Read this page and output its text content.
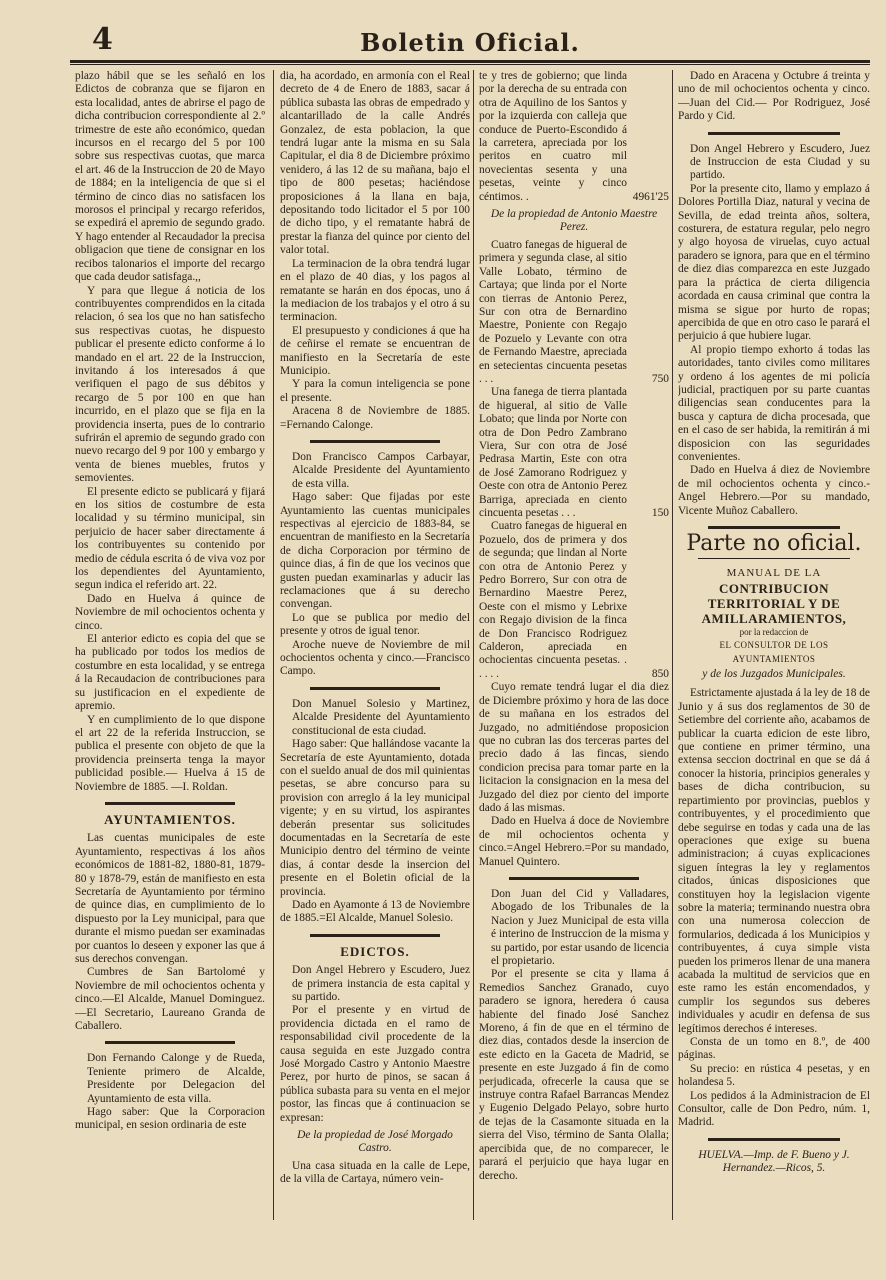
4	Boletin Oficial.

plazo hábil que se les señaló en los Edictos de cobranza que se fijaron en esta localidad, antes de abrirse el pago de dicha contribucion correspondiente al 2.º trimestre de este año económico, quedan incursos en el recargo del 5 por 100 sobre sus respectivas cuotas, que marca el art. 46 de la Instruccion de 20 de Mayo de 1884; en la inteligencia de que si el término de cinco dias no satisfacen los morosos el principal y recargo referidos, se expedirá el apremio de segundo grado. Y hago entender al Recaudador la precisa obligacion que tiene de consignar en los recibos talonarios el importe del recargo que cada deudor satisfaga.,,

Y para que llegue á noticia de los contribuyentes comprendidos en la citada relacion, ó sea los que no han satisfecho sus respectivas cuotas, he dispuesto publicar el presente edicto conforme á lo mandado en el art. 22 de la Instruccion, invitando á los interesados á que verifiquen el pago de sus débitos y recargo de 5 por 100 en que han incurrido, en el plazo que se fija en la providencia inserta, pues de lo contrario sufrirán el apremio de segundo grado con nuevo recargo del 9 por 100 y embargo y venta de bienes muebles, frutos y semovientes.

El presente edicto se publicará y fijará en los sitios de costumbre de esta localidad y su término municipal, sin perjuicio de hacer saber directamente á los contribuyentes su contenido por medio de cédula escrita ó de viva voz por los dependientes del Ayuntamiento, segun indica el referido art. 22.

Dado en Huelva á quince de Noviembre de mil ochocientos ochenta y cinco.

El anterior edicto es copia del que se ha publicado por todos los medios de costumbre en esta localidad, y se entrega á la Recaudacion de contribuciones para su justificacion en el expediente de apremio.

Y en cumplimiento de lo que dispone el art 22 de la referida Instruccion, se publica el presente con objeto de que la providencia preinserta tenga la mayor publicidad posible.— Huelva á 15 de Noviembre de 1885. —I. Roldan.

AYUNTAMIENTOS.

Las cuentas municipales de este Ayuntamiento, respectivas á los años económicos de 1881-82, 1880-81, 1879-80 y 1878-79, están de manifiesto en esta Secretaría de Ayuntamiento por término de quince dias, en cumplimiento de lo dispuesto por la Ley municipal, para que durante el mismo puedan ser examinadas por cuantos lo deseen y exponer las que á sus derechos convengan.

Cumbres de San Bartolomé y Noviembre de mil ochocientos ochenta y cinco.—El Alcalde, Manuel Dominguez.—El Secretario, Laureano Granda de Caballero.

Don Fernando Calonge y de Rueda, Teniente primero de Alcalde, Presidente por Delegacion del Ayuntamiento de esta villa.

Hago saber: Que la Corporacion municipal, en sesion ordinaria de este

dia, ha acordado, en armonía con el Real decreto de 4 de Enero de 1883, sacar á pública subasta las obras de empedrado y alcantarillado de la calle Andrés Gonzalez, de esta poblacion, la que tendrá lugar ante la misma en su Sala Capitular, el dia 8 de Diciembre próximo venidero, á las 12 de su mañana, bajo el tipo de 800 pesetas; haciéndose proposiciones á la llana en baja, depositando todo licitador el 5 por 100 de dicho tipo, y el rematante habrá de prestar la fianza del quince por ciento del valor total.

La terminacion de la obra tendrá lugar en el plazo de 40 dias, y los pagos al rematante se harán en dos épocas, uno á la mediacion de los trabajos y el otro á su terminacion.

El presupuesto y condiciones á que ha de ceñirse el remate se encuentran de manifiesto en la Secretaría de este Municipio.

Y para la comun inteligencia se pone el presente.

Aracena 8 de Noviembre de 1885. =Fernando Calonge.

Don Francisco Campos Carbayar, Alcalde Presidente del Ayuntamiento de esta villa.

Hago saber: Que fijadas por este Ayuntamiento las cuentas municipales respectivas al ejercicio de 1883-84, se encuentran de manifiesto en la Secretaría de dicha Corporacion por término de quince dias, á fin de que los vecinos que gusten puedan examinarlas y aducir las reclamaciones que á su derecho convengan.

Lo que se publica por medio del presente y otros de igual tenor.

Aroche nueve de Noviembre de mil ochocientos ochenta y cinco.—Francisco Campo.

Don Manuel Solesio y Martinez, Alcalde Presidente del Ayuntamiento constitucional de esta ciudad.

Hago saber: Que hallándose vacante la Secretaría de este Ayuntamiento, dotada con el sueldo anual de dos mil quinientas pesetas, se abre concurso para su provision con arreglo á la ley municipal vigente; y en su virtud, los aspirantes deberán presentar sus solicitudes documentadas en la Secretaría de este Municipio dentro del término de veinte dias, á contar desde la insercion del presente en el Boletin oficial de la provincia.

Dado en Ayamonte á 13 de Noviembre de 1885.=El Alcalde, Manuel Solesio.

EDICTOS.

Don Angel Hebrero y Escudero, Juez de primera instancia de esta capital y su partido.

Por el presente y en virtud de providencia dictada en el ramo de responsabilidad civil procedente de la causa seguida en este Juzgado contra José Morgado Castro y Antonio Maestre Perez, por hurto de pinos, se sacan á pública subasta para su venta en el mejor postor, las fincas que á continuacion se expresan:

De la propiedad de José Morgado Castro.

Una casa situada en la calle de Lepe, de la villa de Cartaya, número vein-

te y tres de gobierno; que linda por la derecha de su entrada con otra de Aquilino de los Santos y por la izquierda con calleja que conduce de Puerto-Escondido á la carretera, apreciada por los peritos en cuatro mil novecientas sesenta y una pesetas, veinte y cinco céntimos. .	4961'25

De la propiedad de Antonio Maestre Perez.

Cuatro fanegas de higueral de primera y segunda clase, al sitio Valle Lobato, término de Cartaya; que linda por el Norte con tierras de Antonio Perez, Sur con otra de Bernardino Maestre, Poniente con Regajo de Pozuelo y Levante con otra de Fernando Maestre, apreciada en setecientas cincuenta pesetas . . .	750

Una fanega de tierra plantada de higueral, al sitio de Valle Lobato; que linda por Norte con otra de Don Pedro Zambrano Viera, Sur con otra de José Pedrasa Martin, Este con otra de José Zamorano Rodriguez y Oeste con otra de Antonio Perez Barriga, apreciada en ciento cincuenta pesetas . . .	150

Cuatro fanegas de higueral en Pozuelo, dos de primera y dos de segunda; que lindan al Norte con otra de Antonio Perez y Pedro Borrero, Sur con otra de Bernardino Maestre Perez, Oeste con el mismo y Lebrixe con Regajo division de la finca de Don Francisco Rodriguez Calderon, apreciada en ochocientas cincuenta pesetas. . . . . .	850

Cuyo remate tendrá lugar el dia diez de Diciembre próximo y hora de las doce de su mañana en los estrados del Juzgado, no admitiéndose proposicion que no cubran las dos terceras partes del precio dado á las fincas, siendo condicion precisa para tomar parte en la licitacion la consignacion en la mesa del Juzgado del diez por ciento del importe dado á las mismas.

Dado en Huelva á doce de Noviembre de mil ochocientos ochenta y cinco.=Angel Hebrero.=Por su mandado, Manuel Quintero.

Don Juan del Cid y Valladares, Abogado de los Tribunales de la Nacion y Juez Municipal de esta villa é interino de Instruccion de la misma y su partido, por estar usando de licencia el propietario.

Por el presente se cita y llama á Remedios Sanchez Granado, cuyo paradero se ignora, heredera ó causa habiente del finado José Sanchez Moreno, á fin de que en el término de diez dias, contados desde la insercion de este edicto en la Gaceta de Madrid, se presente en este Juzgado á fin de como perjudicada, ofrecerle la causa que se instruye contra Rafael Barrancas Mendez y Eugenio Delgado Pelayo, sobre hurto de tejas de la Casamonte situada en la sierra del Viso, término de Santa Olalla; apercibida que, de no comparecer, le parará el perjuicio que haya lugar en derecho.

Dado en Aracena y Octubre á treinta y uno de mil ochocientos ochenta y cinco.—Juan del Cid.— Por Rodriguez, José Pardo y Cid.

Don Angel Hebrero y Escudero, Juez de Instruccion de esta Ciudad y su partido.

Por la presente cito, llamo y emplazo á Dolores Portilla Diaz, natural y vecina de Sevilla, de edad treinta años, soltera, costurera, de estatura regular, pelo negro y algo hoyosa de viruelas, cuyo actual paradero se ignora, para que en el término de diez dias comparezca en este Juzgado para la práctica de cierta diligencia acordada en causa criminal que contra la misma se sigue por hurto de ropas; apercibida de que en otro caso le parará el perjuicio á que hubiere lugar.

Al propio tiempo exhorto á todas las autoridades, tanto civiles como militares y ordeno á los agentes de mi policía judicial, practiquen por su parte cuantas diligencias sean conducentes para la busca y captura de dicha procesada, que en el caso de ser habida, la remitirán á mi disposicion con las seguridades convenientes.

Dado en Huelva á diez de Noviembre de mil ochocientos ochenta y cinco.- Angel Hebrero.—Por su mandado, Vicente Muñoz Caballero.

Parte no oficial.
MANUAL DE LA
CONTRIBUCION TERRITORIAL Y DE AMILLARAMIENTOS,
por la redaccion de
EL CONSULTOR DE LOS AYUNTAMIENTOS
y de los Juzgados Municipales.

Estrictamente ajustada á la ley de 18 de Junio y á sus dos reglamentos de 30 de Setiembre del corriente año, acabamos de publicar la cuarta edicion de este libro, que contiene en primer término, una extensa seccion doctrinal en que se dá á conocer la historia, principios generales y bases de dicha contribucion, su repartimiento por provincias, pueblos y contribuyentes, y el procedimiento que debe seguirse en todas y cada una de las operaciones que exige su buena administracion; á cuyas explicaciones siguen íntegras la ley y reglamentos citados, únicas disposiciones que constituyen hoy la legislacion vigente sobre la materia; terminando nuestra obra con una numerosa coleccion de formularios, dedicada á los Municipios y contribuyentes, á cuya simple vista pueden los primeros llenar de una manera acabada la multitud de servicios que en este ramo les están encomendados, y cumplir los segundos sus deberes individuales y acudir en defensa de sus legítimos derechos é intereses.

Consta de un tomo en 8.º, de 400 páginas.

Su precio: en rústica 4 pesetas, y en holandesa 5.

Los pedidos á la Administracion de El Consultor, calle de Don Pedro, núm. 1, Madrid.

HUELVA.—Imp. de F. Bueno y J. Hernandez.—Ricos, 5.
